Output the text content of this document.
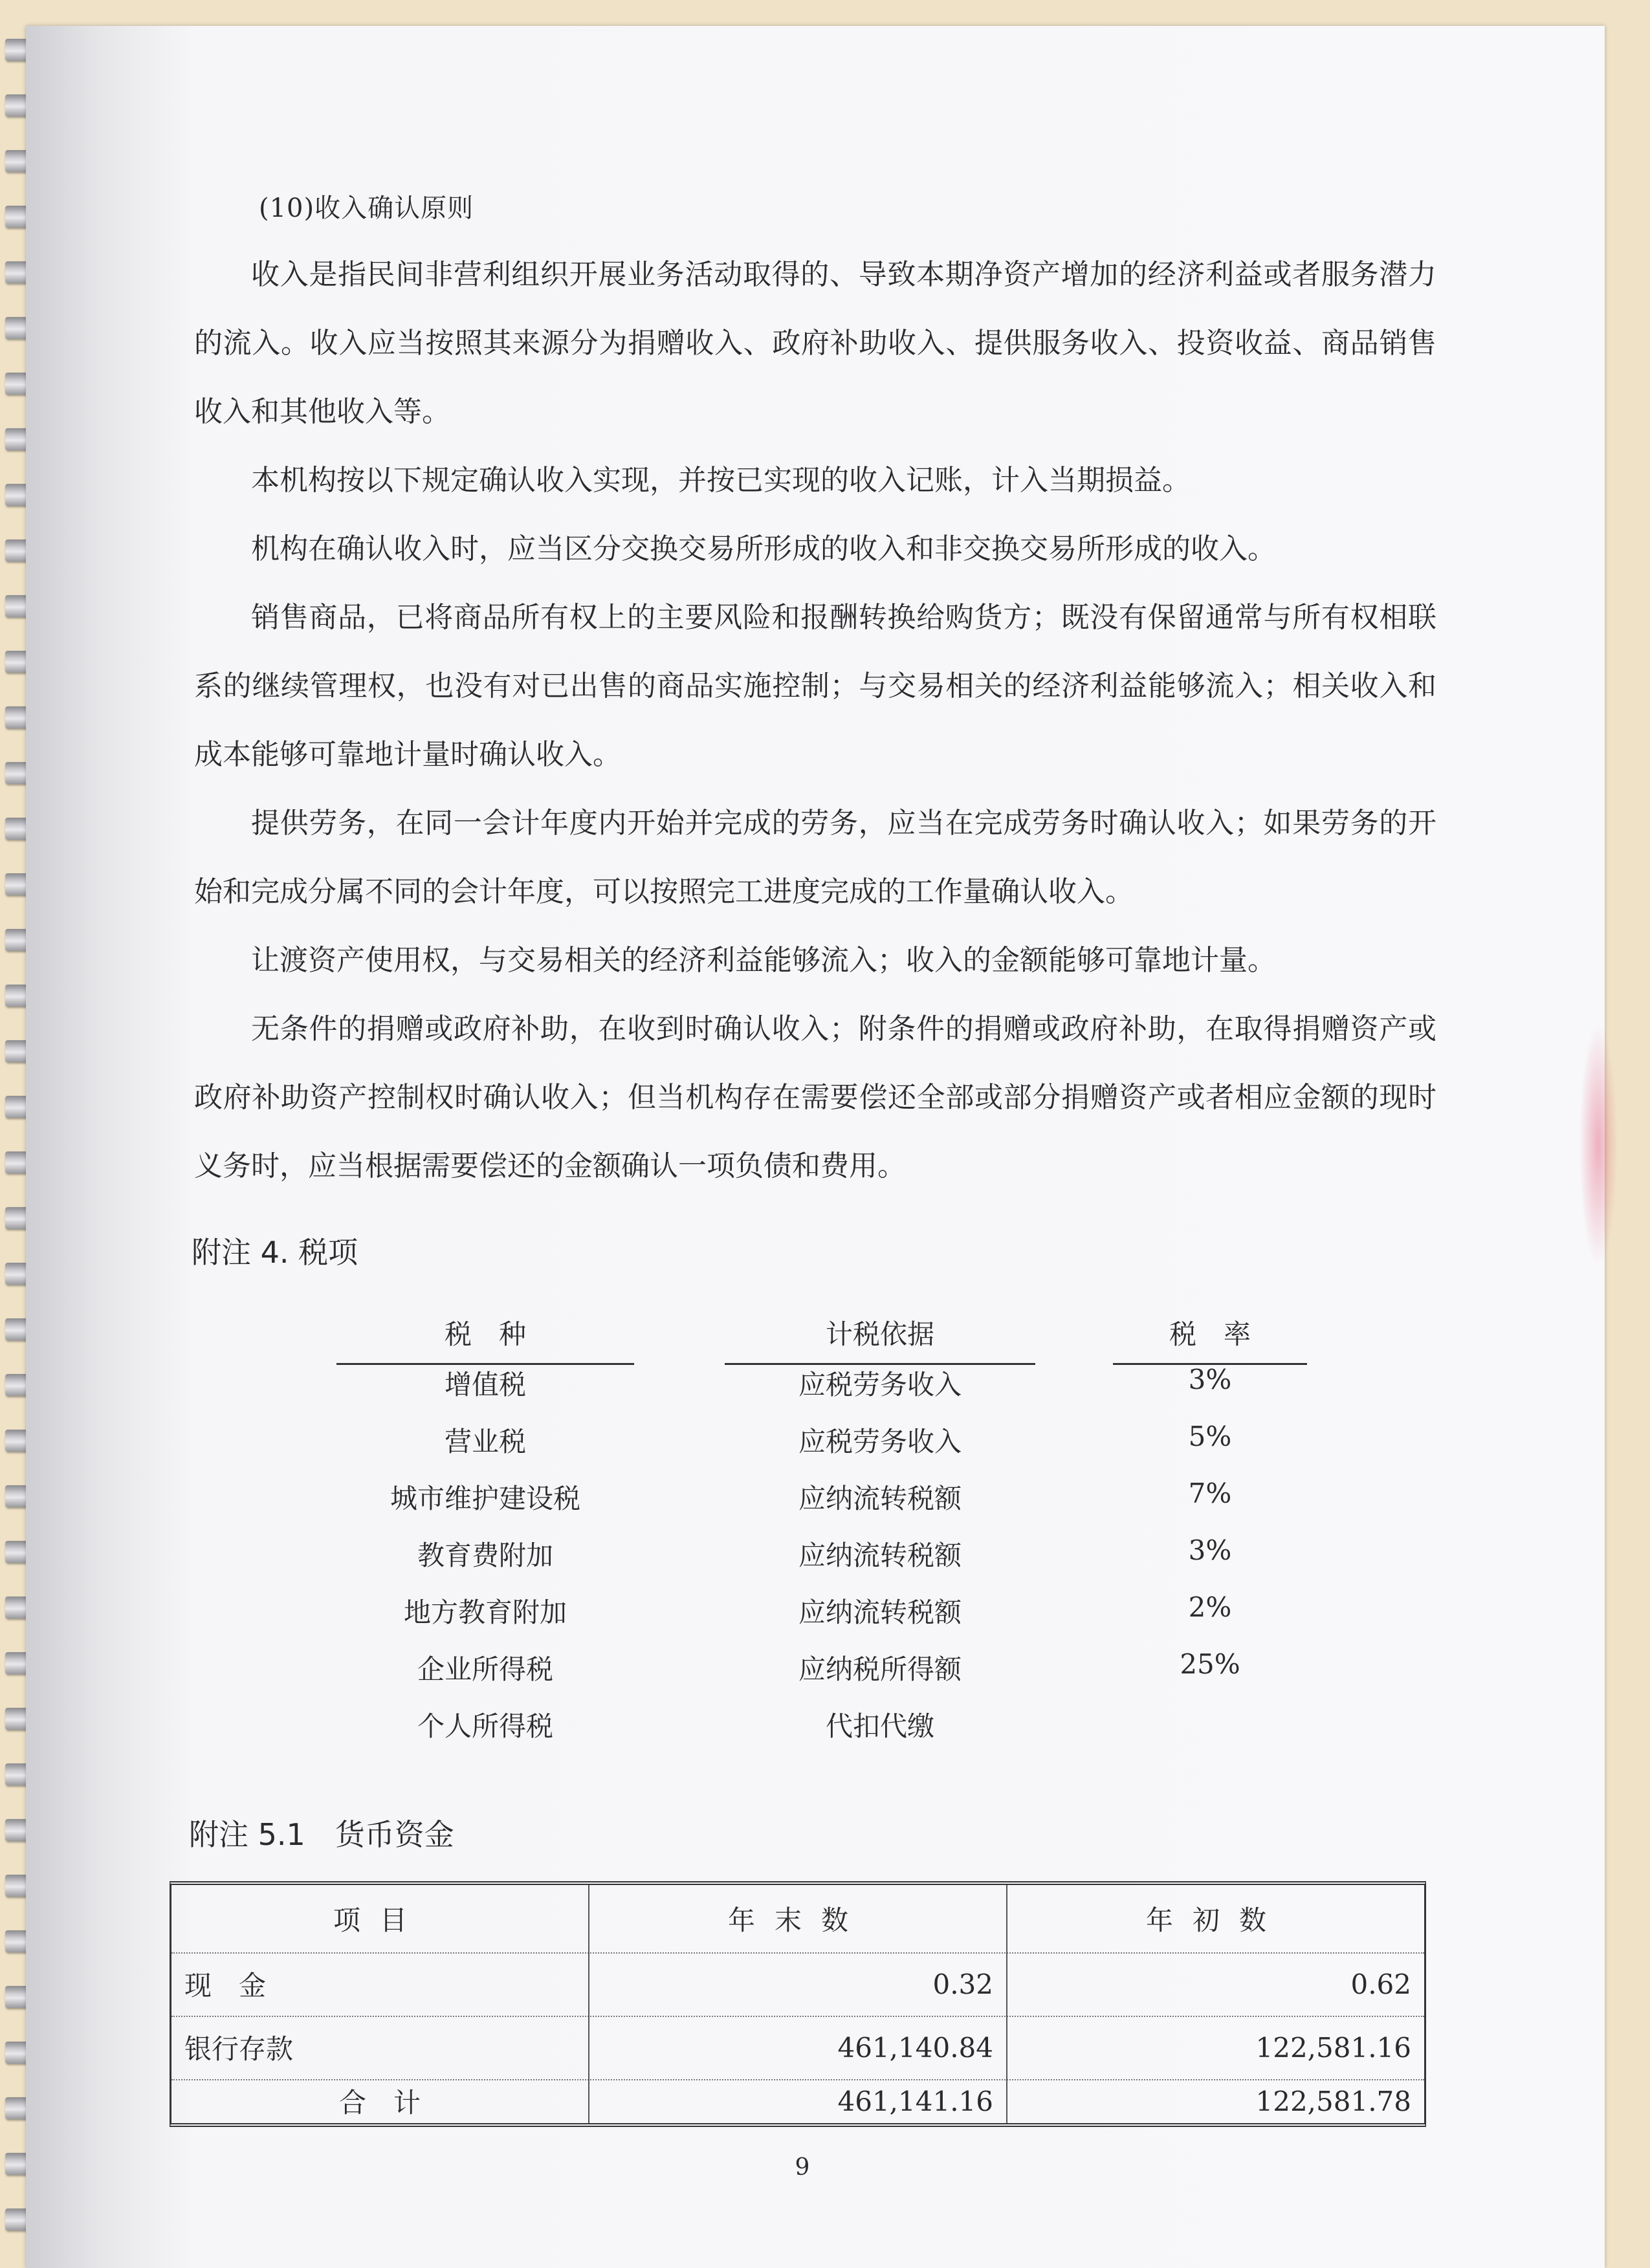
(10)收入确认原则

收入是指民间非营利组织开展业务活动取得的、导致本期净资产增加的经济利益或者服务潜力的流入。收入应当按照其来源分为捐赠收入、政府补助收入、提供服务收入、投资收益、商品销售收入和其他收入等。

本机构按以下规定确认收入实现，并按已实现的收入记账，计入当期损益。

机构在确认收入时，应当区分交换交易所形成的收入和非交换交易所形成的收入。

销售商品，已将商品所有权上的主要风险和报酬转换给购货方；既没有保留通常与所有权相联系的继续管理权，也没有对已出售的商品实施控制；与交易相关的经济利益能够流入；相关收入和成本能够可靠地计量时确认收入。

提供劳务，在同一会计年度内开始并完成的劳务，应当在完成劳务时确认收入；如果劳务的开始和完成分属不同的会计年度，可以按照完工进度完成的工作量确认收入。

让渡资产使用权，与交易相关的经济利益能够流入；收入的金额能够可靠地计量。

无条件的捐赠或政府补助，在收到时确认收入；附条件的捐赠或政府补助，在取得捐赠资产或政府补助资产控制权时确认收入；但当机构存在需要偿还全部或部分捐赠资产或者相应金额的现时义务时，应当根据需要偿还的金额确认一项负债和费用。

附注 4. 税项
税　种	计税依据	税　率
增值税	应税劳务收入	3%
营业税	应税劳务收入	5%
城市维护建设税	应纳流转税额	7%
教育费附加	应纳流转税额	3%
地方教育附加	应纳流转税额	2%
企业所得税	应纳税所得额	25%
个人所得税	代扣代缴
附注 5.1　货币资金
项目	年末数	年初数
现　金	0.32	0.62
银行存款	461,140.84	122,581.16
合　计	461,141.16	122,581.78
9
